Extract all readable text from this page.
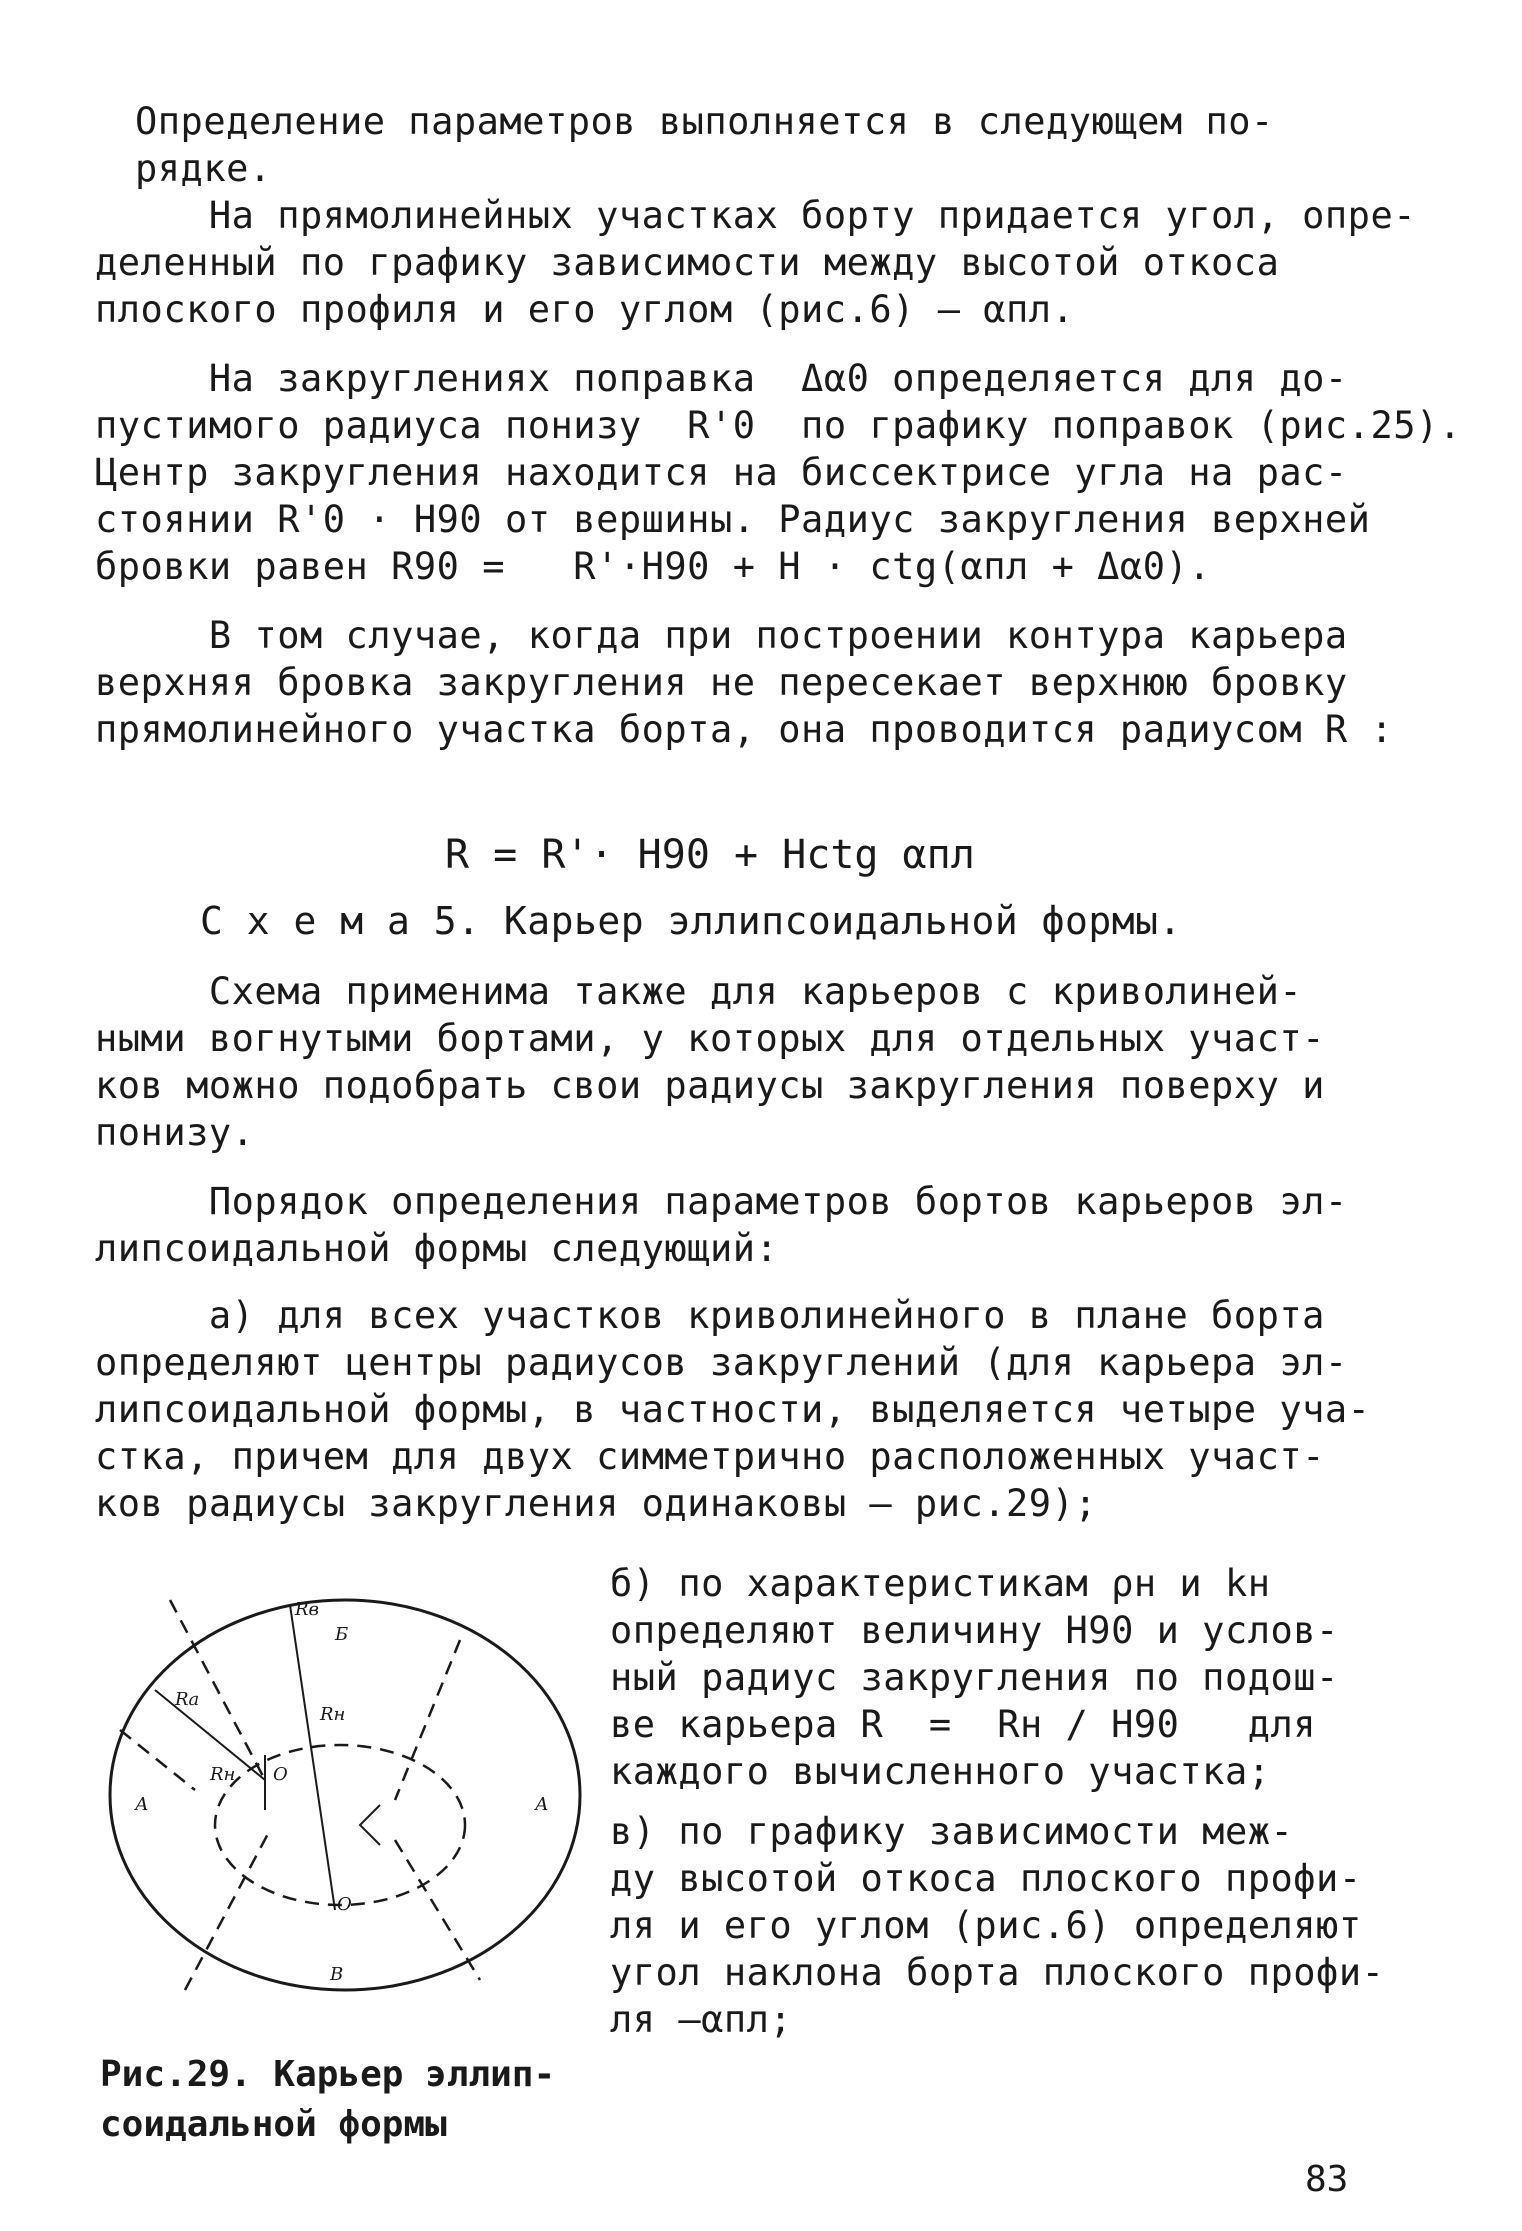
Определение параметров выполняется в следующем по-
рядке.
На прямолинейных участках борту придается угол, опре-
деленный по графику зависимости между высотой откоса
плоского профиля и его углом (рис.6) – αпл.
На закруглениях поправка  Δα0 определяется для до-
пустимого радиуса понизу  R'0  по графику поправок (рис.25).
Центр закругления находится на биссектрисе угла на рас-
стоянии R'0 · H90 от вершины. Радиус закругления верхней
бровки равен R90 =   R'·H90 + H · ctg(αпл + Δα0).
В том случае, когда при построении контура карьера
верхняя бровка закругления не пересекает верхнюю бровку
прямолинейного участка борта, она проводится радиусом R :
R = R'· H90 + Hctg αпл
С х е м а 5. Карьер эллипсоидальной формы.
Схема применима также для карьеров с криволиней-
ными вогнутыми бортами, у которых для отдельных участ-
ков можно подобрать свои радиусы закругления поверху и
понизу.
Порядок определения параметров бортов карьеров эл-
липсоидальной формы следующий:
а) для всех участков криволинейного в плане борта
определяют центры радиусов закруглений (для карьера эл-
липсоидальной формы, в частности, выделяется четыре уча-
стка, причем для двух симметрично расположенных участ-
ков радиусы закругления одинаковы – рис.29);
б) по характеристикам ρн и kн
определяют величину H90 и услов-
ный радиус закругления по подош-
ве карьера R  =  Rн / H90   для
каждого вычисленного участка;
в) по графику зависимости меж-
ду высотой откоса плоского профи-
ля и его углом (рис.6) определяют
угол наклона борта плоского профи-
ля –αпл;
Rв
Б
Rа
Rн
Rн О
О
А	А
В
Рис.29. Карьер эллип-
соидальной формы
83
